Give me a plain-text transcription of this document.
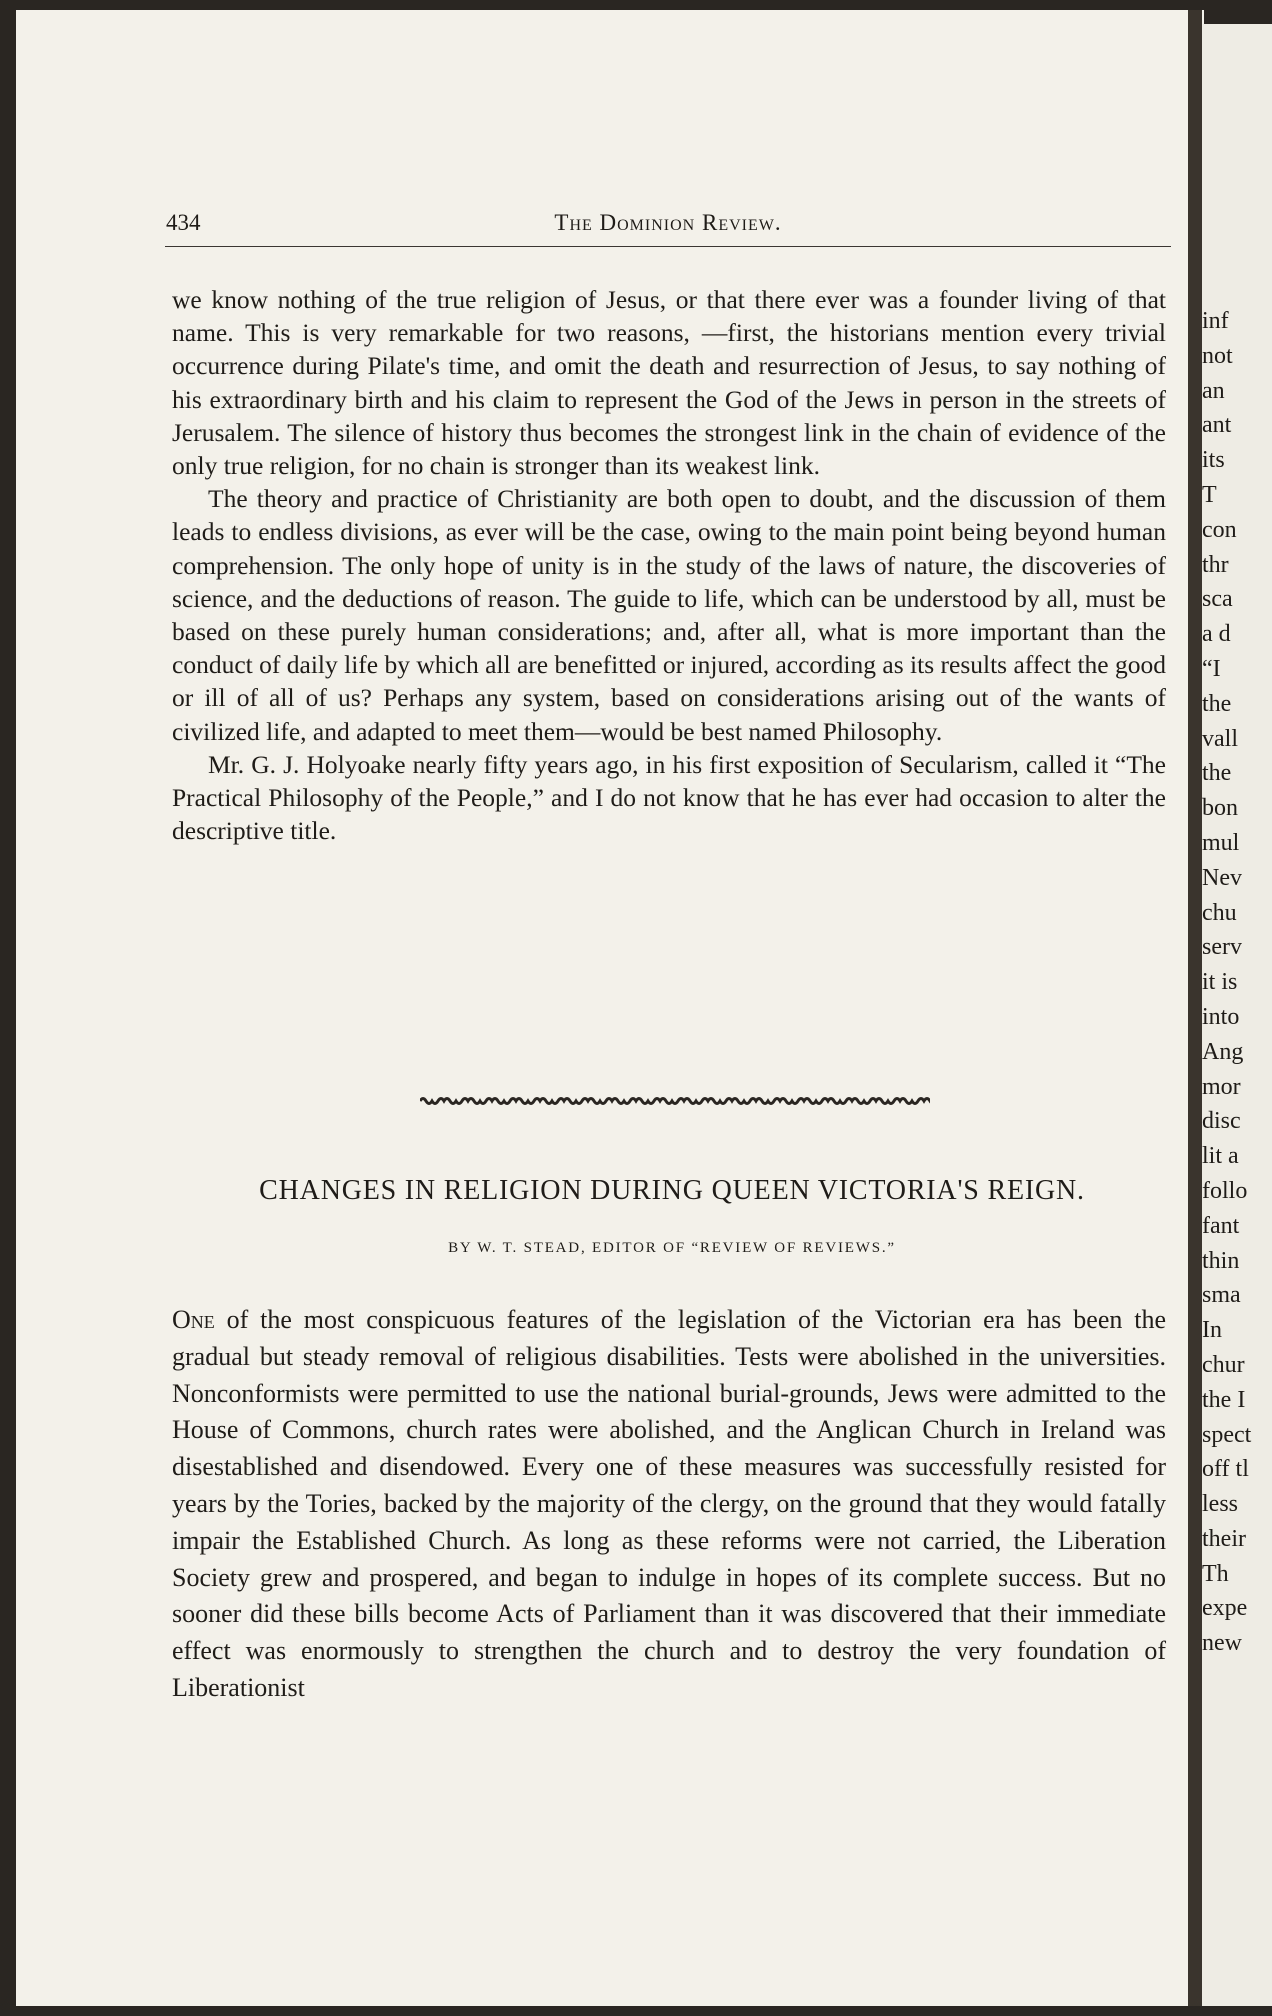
inf
not
an
ant
its
T
con
thr
sca
a d
“I
the
vall
the
bon
mul
Nev
chu
serv
it is
into
Ang
mor
disc
lit a
follo
fant
thin
sma
In
chur
the I
spect
off tl
less
their
Th
expe
new
434	The Dominion Review.

we know nothing of the true religion of Jesus, or that there ever was a founder living of that name. This is very remarkable for two reasons, —first, the historians mention every trivial occurrence during Pilate's time, and omit the death and resurrection of Jesus, to say nothing of his extraordinary birth and his claim to represent the God of the Jews in person in the streets of Jerusalem. The silence of history thus becomes the strongest link in the chain of evidence of the only true religion, for no chain is stronger than its weakest link.

The theory and practice of Christianity are both open to doubt, and the discussion of them leads to endless divisions, as ever will be the case, owing to the main point being beyond human comprehension. The only hope of unity is in the study of the laws of nature, the discoveries of science, and the deductions of reason. The guide to life, which can be understood by all, must be based on these purely human considerations; and, after all, what is more important than the conduct of daily life by which all are benefitted or injured, according as its results affect the good or ill of all of us? Perhaps any system, based on considerations arising out of the wants of civilized life, and adapted to meet them—would be best named Philosophy.

Mr. G. J. Holyoake nearly fifty years ago, in his first exposition of Secularism, called it “The Practical Philosophy of the People,” and I do not know that he has ever had occasion to alter the descriptive title.

CHANGES IN RELIGION DURING QUEEN VICTORIA'S REIGN.
BY W. T. STEAD, EDITOR OF “REVIEW OF REVIEWS.”

One of the most conspicuous features of the legislation of the Victorian era has been the gradual but steady removal of religious disabilities. Tests were abolished in the universities. Nonconformists were permitted to use the national burial-grounds, Jews were admitted to the House of Commons, church rates were abolished, and the Anglican Church in Ireland was disestablished and disendowed. Every one of these measures was successfully resisted for years by the Tories, backed by the majority of the clergy, on the ground that they would fatally impair the Established Church. As long as these reforms were not carried, the Liberation Society grew and prospered, and began to indulge in hopes of its complete success. But no sooner did these bills become Acts of Parliament than it was discovered that their immediate effect was enormously to strengthen the church and to destroy the very foundation of Liberationist
